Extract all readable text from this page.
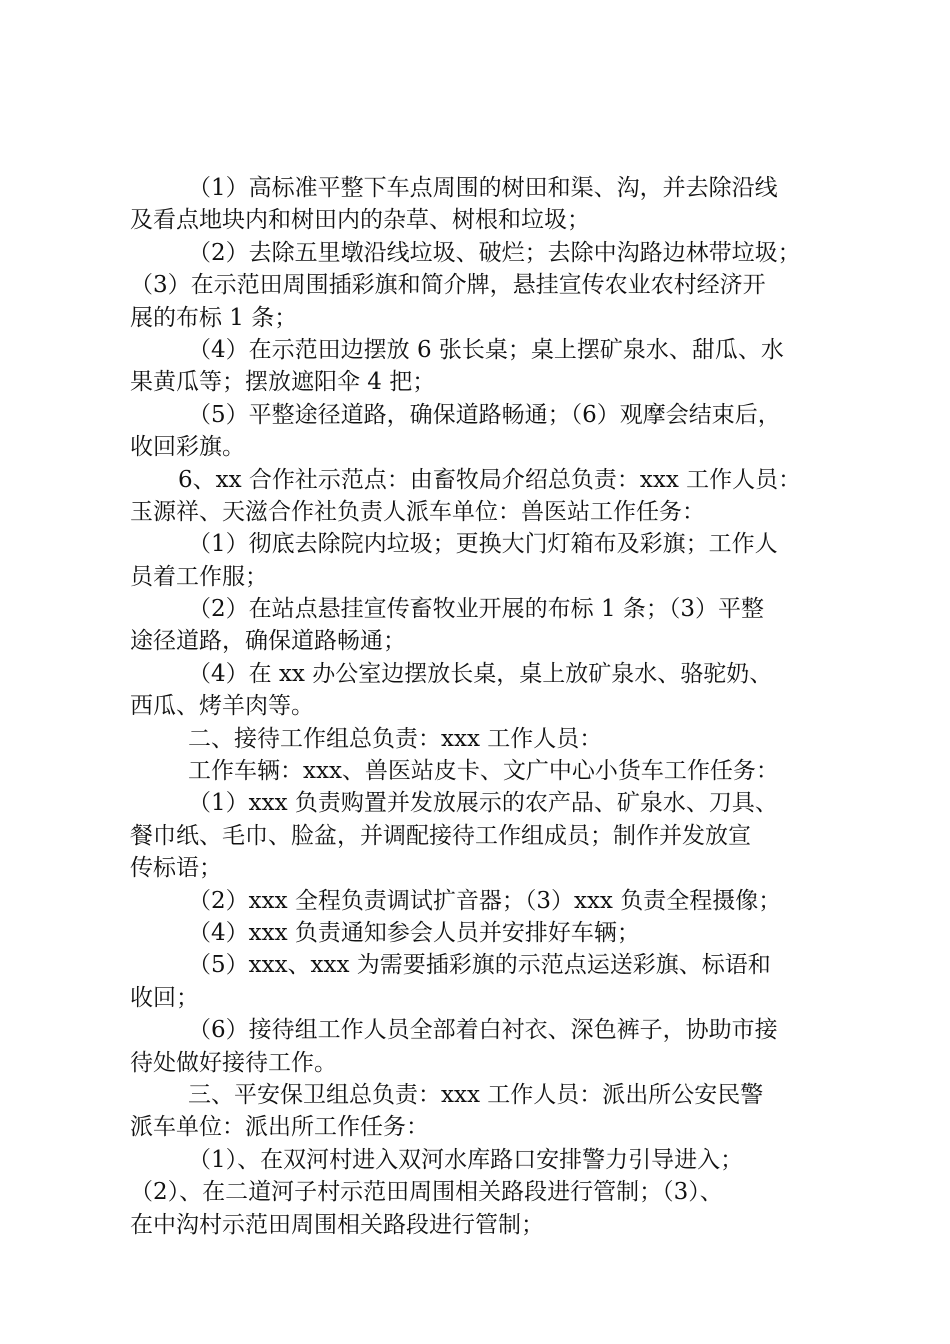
（1）高标准平整下车点周围的树田和渠、沟，并去除沿线
及看点地块内和树田内的杂草、树根和垃圾；
（2）去除五里墩沿线垃圾、破烂；去除中沟路边林带垃圾；
（3）在示范田周围插彩旗和简介牌，悬挂宣传农业农村经济开
展的布标 1 条；
（4）在示范田边摆放 6 张长桌；桌上摆矿泉水、甜瓜、水
果黄瓜等；摆放遮阳伞 4 把；
（5）平整途径道路，确保道路畅通；（6）观摩会结束后，
收回彩旗。
6、xx 合作社示范点：由畜牧局介绍总负责：xxx 工作人员：
玉源祥、天滋合作社负责人派车单位：兽医站工作任务：
（1）彻底去除院内垃圾；更换大门灯箱布及彩旗；工作人
员着工作服；
（2）在站点悬挂宣传畜牧业开展的布标 1 条；（3）平整
途径道路，确保道路畅通；
（4）在 xx 办公室边摆放长桌，桌上放矿泉水、骆驼奶、
西瓜、烤羊肉等。
二、接待工作组总负责：xxx 工作人员：
工作车辆：xxx、兽医站皮卡、文广中心小货车工作任务：
（1）xxx 负责购置并发放展示的农产品、矿泉水、刀具、
餐巾纸、毛巾、脸盆，并调配接待工作组成员；制作并发放宣
传标语；
（2）xxx 全程负责调试扩音器；（3）xxx 负责全程摄像；
（4）xxx 负责通知参会人员并安排好车辆；
（5）xxx、xxx 为需要插彩旗的示范点运送彩旗、标语和
收回；
（6）接待组工作人员全部着白衬衣、深色裤子，协助市接
待处做好接待工作。
三、平安保卫组总负责：xxx 工作人员：派出所公安民警
派车单位：派出所工作任务：
（1）、在双河村进入双河水库路口安排警力引导进入；
（2）、在二道河子村示范田周围相关路段进行管制；（3）、
在中沟村示范田周围相关路段进行管制；
